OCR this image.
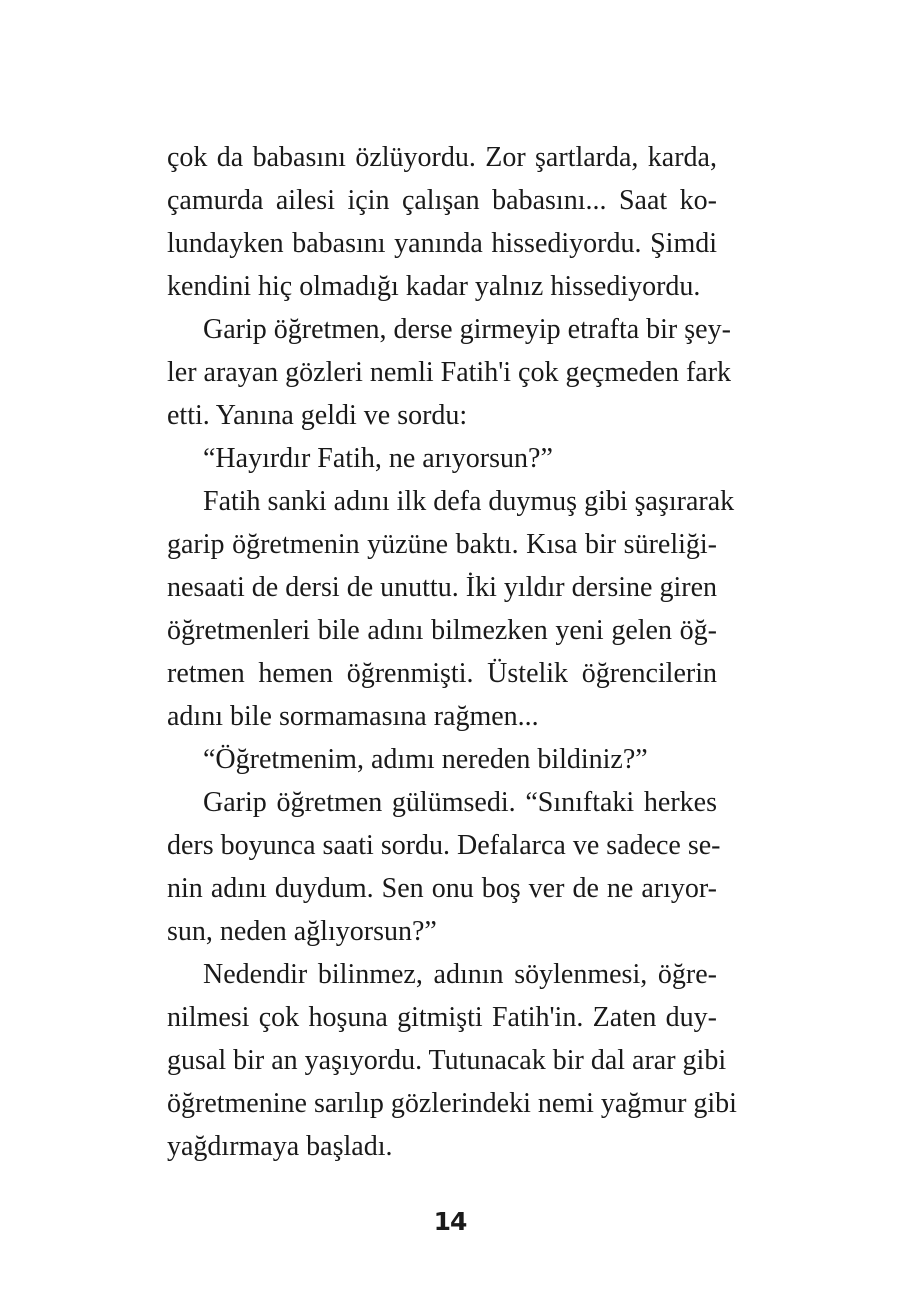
çok da babasını özlüyordu. Zor şartlarda, karda,
çamurda ailesi için çalışan babasını... Saat ko-
lundayken babasını yanında hissediyordu. Şimdi
kendini hiç olmadığı kadar yalnız hissediyordu.
Garip öğretmen, derse girmeyip etrafta bir şey-
ler arayan gözleri nemli Fatih'i çok geçmeden fark
etti. Yanına geldi ve sordu:
“Hayırdır Fatih, ne arıyorsun?”
Fatih sanki adını ilk defa duymuş gibi şaşırarak
garip öğretmenin yüzüne baktı. Kısa bir süreliği-
nesaati de dersi de unuttu. İki yıldır dersine giren
öğretmenleri bile adını bilmezken yeni gelen öğ-
retmen hemen öğrenmişti. Üstelik öğrencilerin
adını bile sormamasına rağmen...
“Öğretmenim, adımı nereden bildiniz?”
Garip öğretmen gülümsedi. “Sınıftaki herkes
ders boyunca saati sordu. Defalarca ve sadece se-
nin adını duydum. Sen onu boş ver de ne arıyor-
sun, neden ağlıyorsun?”
Nedendir bilinmez, adının söylenmesi, öğre-
nilmesi çok hoşuna gitmişti Fatih'in. Zaten duy-
gusal bir an yaşıyordu. Tutunacak bir dal arar gibi
öğretmenine sarılıp gözlerindeki nemi yağmur gibi
yağdırmaya başladı.
14
